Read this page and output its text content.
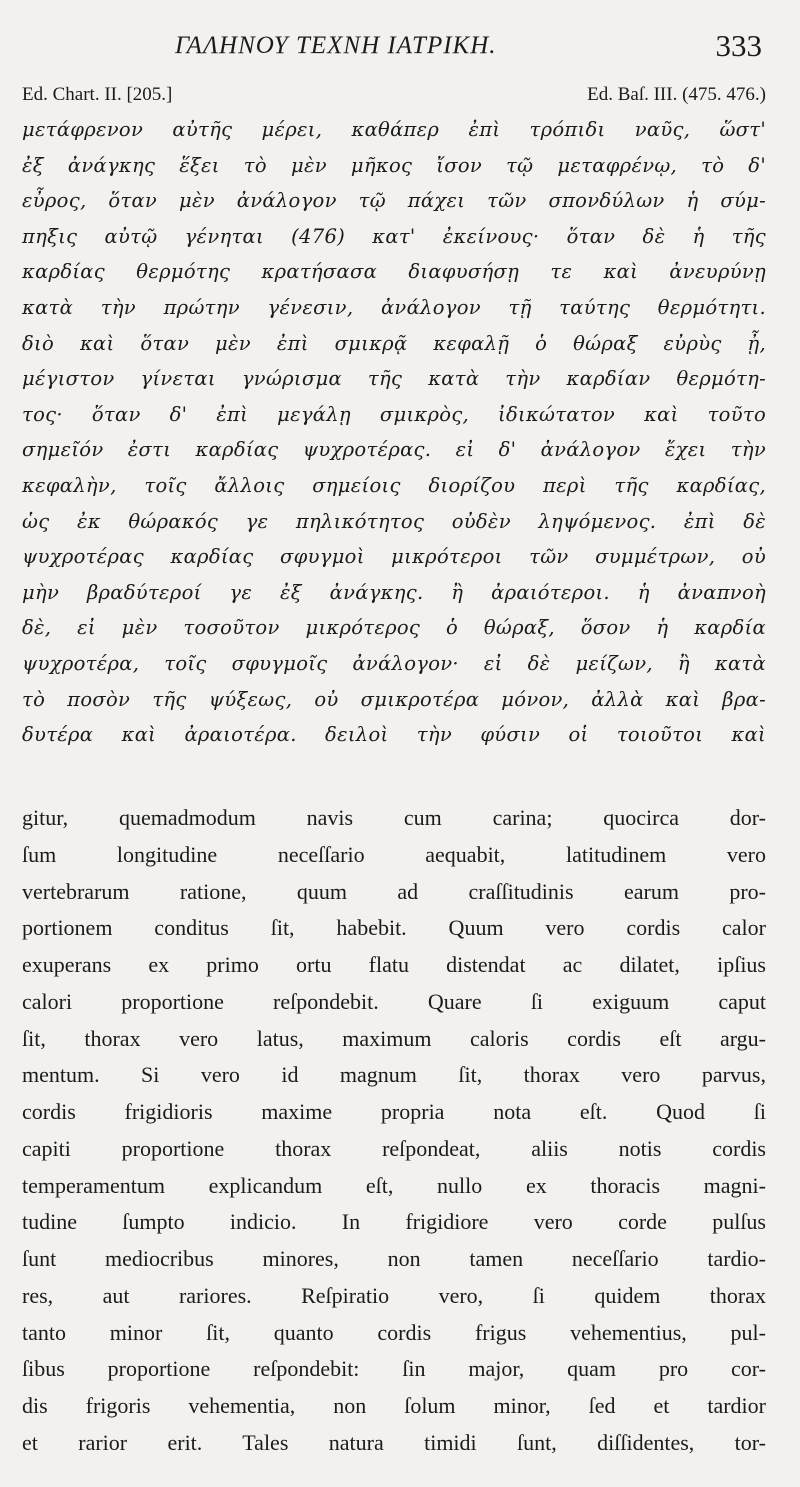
ΓΑΛΗΝΟΥ ΤΕΧΝΗ ΙΑΤΡΙΚΗ.	333
Ed. Chart. II. [205.]	Ed. Baſ. III. (475. 476.)
μετάφρενον αὐτῆς μέρει, καθάπερ ἐπὶ τρόπιδι ναῦς, ὥστ'
ἐξ ἀνάγκης ἕξει τὸ μὲν μῆκος ἴσον τῷ μεταφρένῳ, τὸ δ'
εὖρος, ὅταν μὲν ἀνάλογον τῷ πάχει τῶν σπονδύλων ἡ σύμ-
πηξις αὐτῷ γένηται (476) κατ' ἐκείνους· ὅταν δὲ ἡ τῆς
καρδίας θερμότης κρατήσασα διαφυσήσῃ τε καὶ ἀνευρύνῃ
κατὰ τὴν πρώτην γένεσιν, ἀνάλογον τῇ ταύτης θερμότητι.
διὸ καὶ ὅταν μὲν ἐπὶ σμικρᾷ κεφαλῇ ὁ θώραξ εὐρὺς ᾖ,
μέγιστον γίνεται γνώρισμα τῆς κατὰ τὴν καρδίαν θερμότη-
τος· ὅταν δ' ἐπὶ μεγάλῃ σμικρὸς, ἰδικώτατον καὶ τοῦτο
σημεῖόν ἐστι καρδίας ψυχροτέρας. εἰ δ' ἀνάλογον ἔχει τὴν
κεφαλὴν, τοῖς ἄλλοις σημείοις διορίζου περὶ τῆς καρδίας,
ὡς ἐκ θώρακός γε πηλικότητος οὐδὲν ληψόμενος. ἐπὶ δὲ
ψυχροτέρας καρδίας σφυγμοὶ μικρότεροι τῶν συμμέτρων, οὐ
μὴν βραδύτεροί γε ἐξ ἀνάγκης. ἢ ἀραιότεροι. ἡ ἀναπνοὴ
δὲ, εἰ μὲν τοσοῦτον μικρότερος ὁ θώραξ, ὅσον ἡ καρδία
ψυχροτέρα, τοῖς σφυγμοῖς ἀνάλογον· εἰ δὲ μείζων, ἢ κατὰ
τὸ ποσὸν τῆς ψύξεως, οὐ σμικροτέρα μόνον, ἀλλὰ καὶ βρα-
δυτέρα καὶ ἀραιοτέρα. δειλοὶ τὴν φύσιν οἱ τοιοῦτοι καὶ
gitur, quemadmodum navis cum carina; quocirca dor-
ſum longitudine neceſſario aequabit, latitudinem vero
vertebrarum ratione, quum ad craſſitudinis earum pro-
portionem conditus ſit, habebit. Quum vero cordis calor
exuperans ex primo ortu flatu distendat ac dilatet, ipſius
calori proportione reſpondebit. Quare ſi exiguum caput
ſit, thorax vero latus, maximum caloris cordis eſt argu-
mentum. Si vero id magnum ſit, thorax vero parvus,
cordis frigidioris maxime propria nota eſt. Quod ſi
capiti proportione thorax reſpondeat, aliis notis cordis
temperamentum explicandum eſt, nullo ex thoracis magni-
tudine ſumpto indicio. In frigidiore vero corde pulſus
ſunt mediocribus minores, non tamen neceſſario tardio-
res, aut rariores. Reſpiratio vero, ſi quidem thorax
tanto minor ſit, quanto cordis frigus vehementius, pul-
ſibus proportione reſpondebit: ſin major, quam pro cor-
dis frigoris vehementia, non ſolum minor, ſed et tardior
et rarior erit. Tales natura timidi ſunt, diſſidentes, tor-
